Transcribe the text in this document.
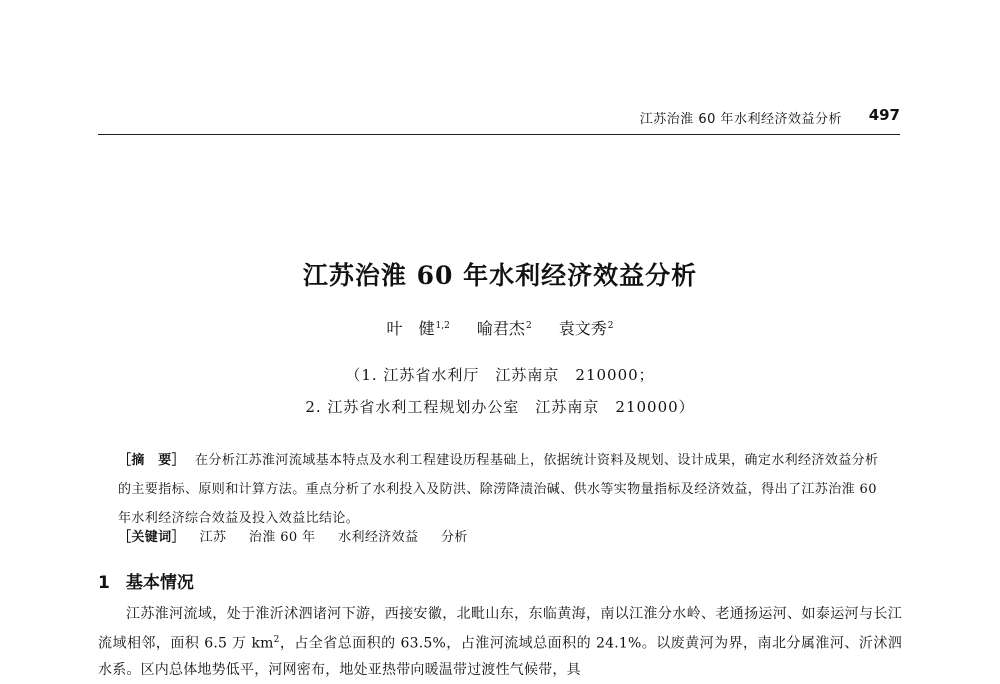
江苏治淮 60 年水利经济效益分析 497
江苏治淮 60 年水利经济效益分析
叶　健$^{1,2}$ 喻君杰$^2$ 袁文秀$^2$
（1. 江苏省水利厅　江苏南京　210000；
2. 江苏省水利工程规划办公室　江苏南京　210000）
［摘　要］ 在分析江苏淮河流域基本特点及水利工程建设历程基础上，依据统计资料及规划、设计成果，确定水利经济效益分析的主要指标、原则和计算方法。重点分析了水利投入及防洪、除涝降渍治碱、供水等实物量指标及经济效益，得出了江苏治淮 60 年水利经济综合效益及投入效益比结论。
［关键词］ 江苏 治淮 60 年 水利经济效益 分析
1 基本情况
江苏淮河流域，处于淮沂沭泗诸河下游，西接安徽，北毗山东，东临黄海，南以江淮分水岭、老通扬运河、如泰运河与长江流域相邻，面积 6.5 万 $km^2$，占全省总面积的 63.5%，占淮河流域总面积的 24.1%。以废黄河为界，南北分属淮河、沂沭泗水系。区内总体地势低平，河网密布，地处亚热带向暖温带过渡性气候带，具
